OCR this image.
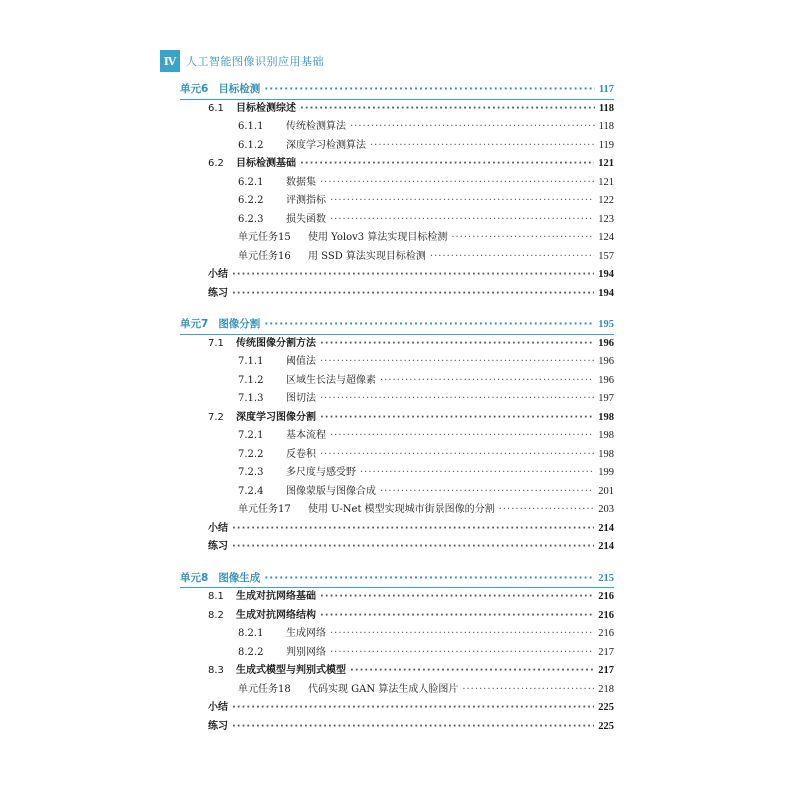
Ⅳ 人工智能图像识别应用基础
单元6 目标检测 ·····	117
6.1	目标检测综述 ·····	118
6.1.1	传统检测算法 ·····	118
6.1.2	深度学习检测算法 ·····	119
6.2	目标检测基础 ·····	121
6.2.1	数据集 ·····	121
6.2.2	评测指标 ·····	122
6.2.3	损失函数 ·····	123
单元任务15	使用 Yolov3 算法实现目标检测 ·····	124
单元任务16	用 SSD 算法实现目标检测 ·····	157
小结 ·····	194
练习 ·····	194
单元7 图像分割 ·····	195
7.1	传统图像分割方法 ·····	196
7.1.1	阈值法 ·····	196
7.1.2	区域生长法与超像素 ·····	196
7.1.3	图切法 ·····	197
7.2	深度学习图像分割 ·····	198
7.2.1	基本流程 ·····	198
7.2.2	反卷积 ·····	198
7.2.3	多尺度与感受野 ·····	199
7.2.4	图像蒙版与图像合成 ·····	201
单元任务17	使用 U-Net 模型实现城市街景图像的分割 ·····	203
小结 ·····	214
练习 ·····	214
单元8 图像生成 ·····	215
8.1	生成对抗网络基础 ·····	216
8.2	生成对抗网络结构 ·····	216
8.2.1	生成网络 ·····	216
8.2.2	判别网络 ·····	217
8.3	生成式模型与判别式模型 ·····	217
单元任务18	代码实现 GAN 算法生成人脸图片 ·····	218
小结 ·····	225
练习 ·····	225
